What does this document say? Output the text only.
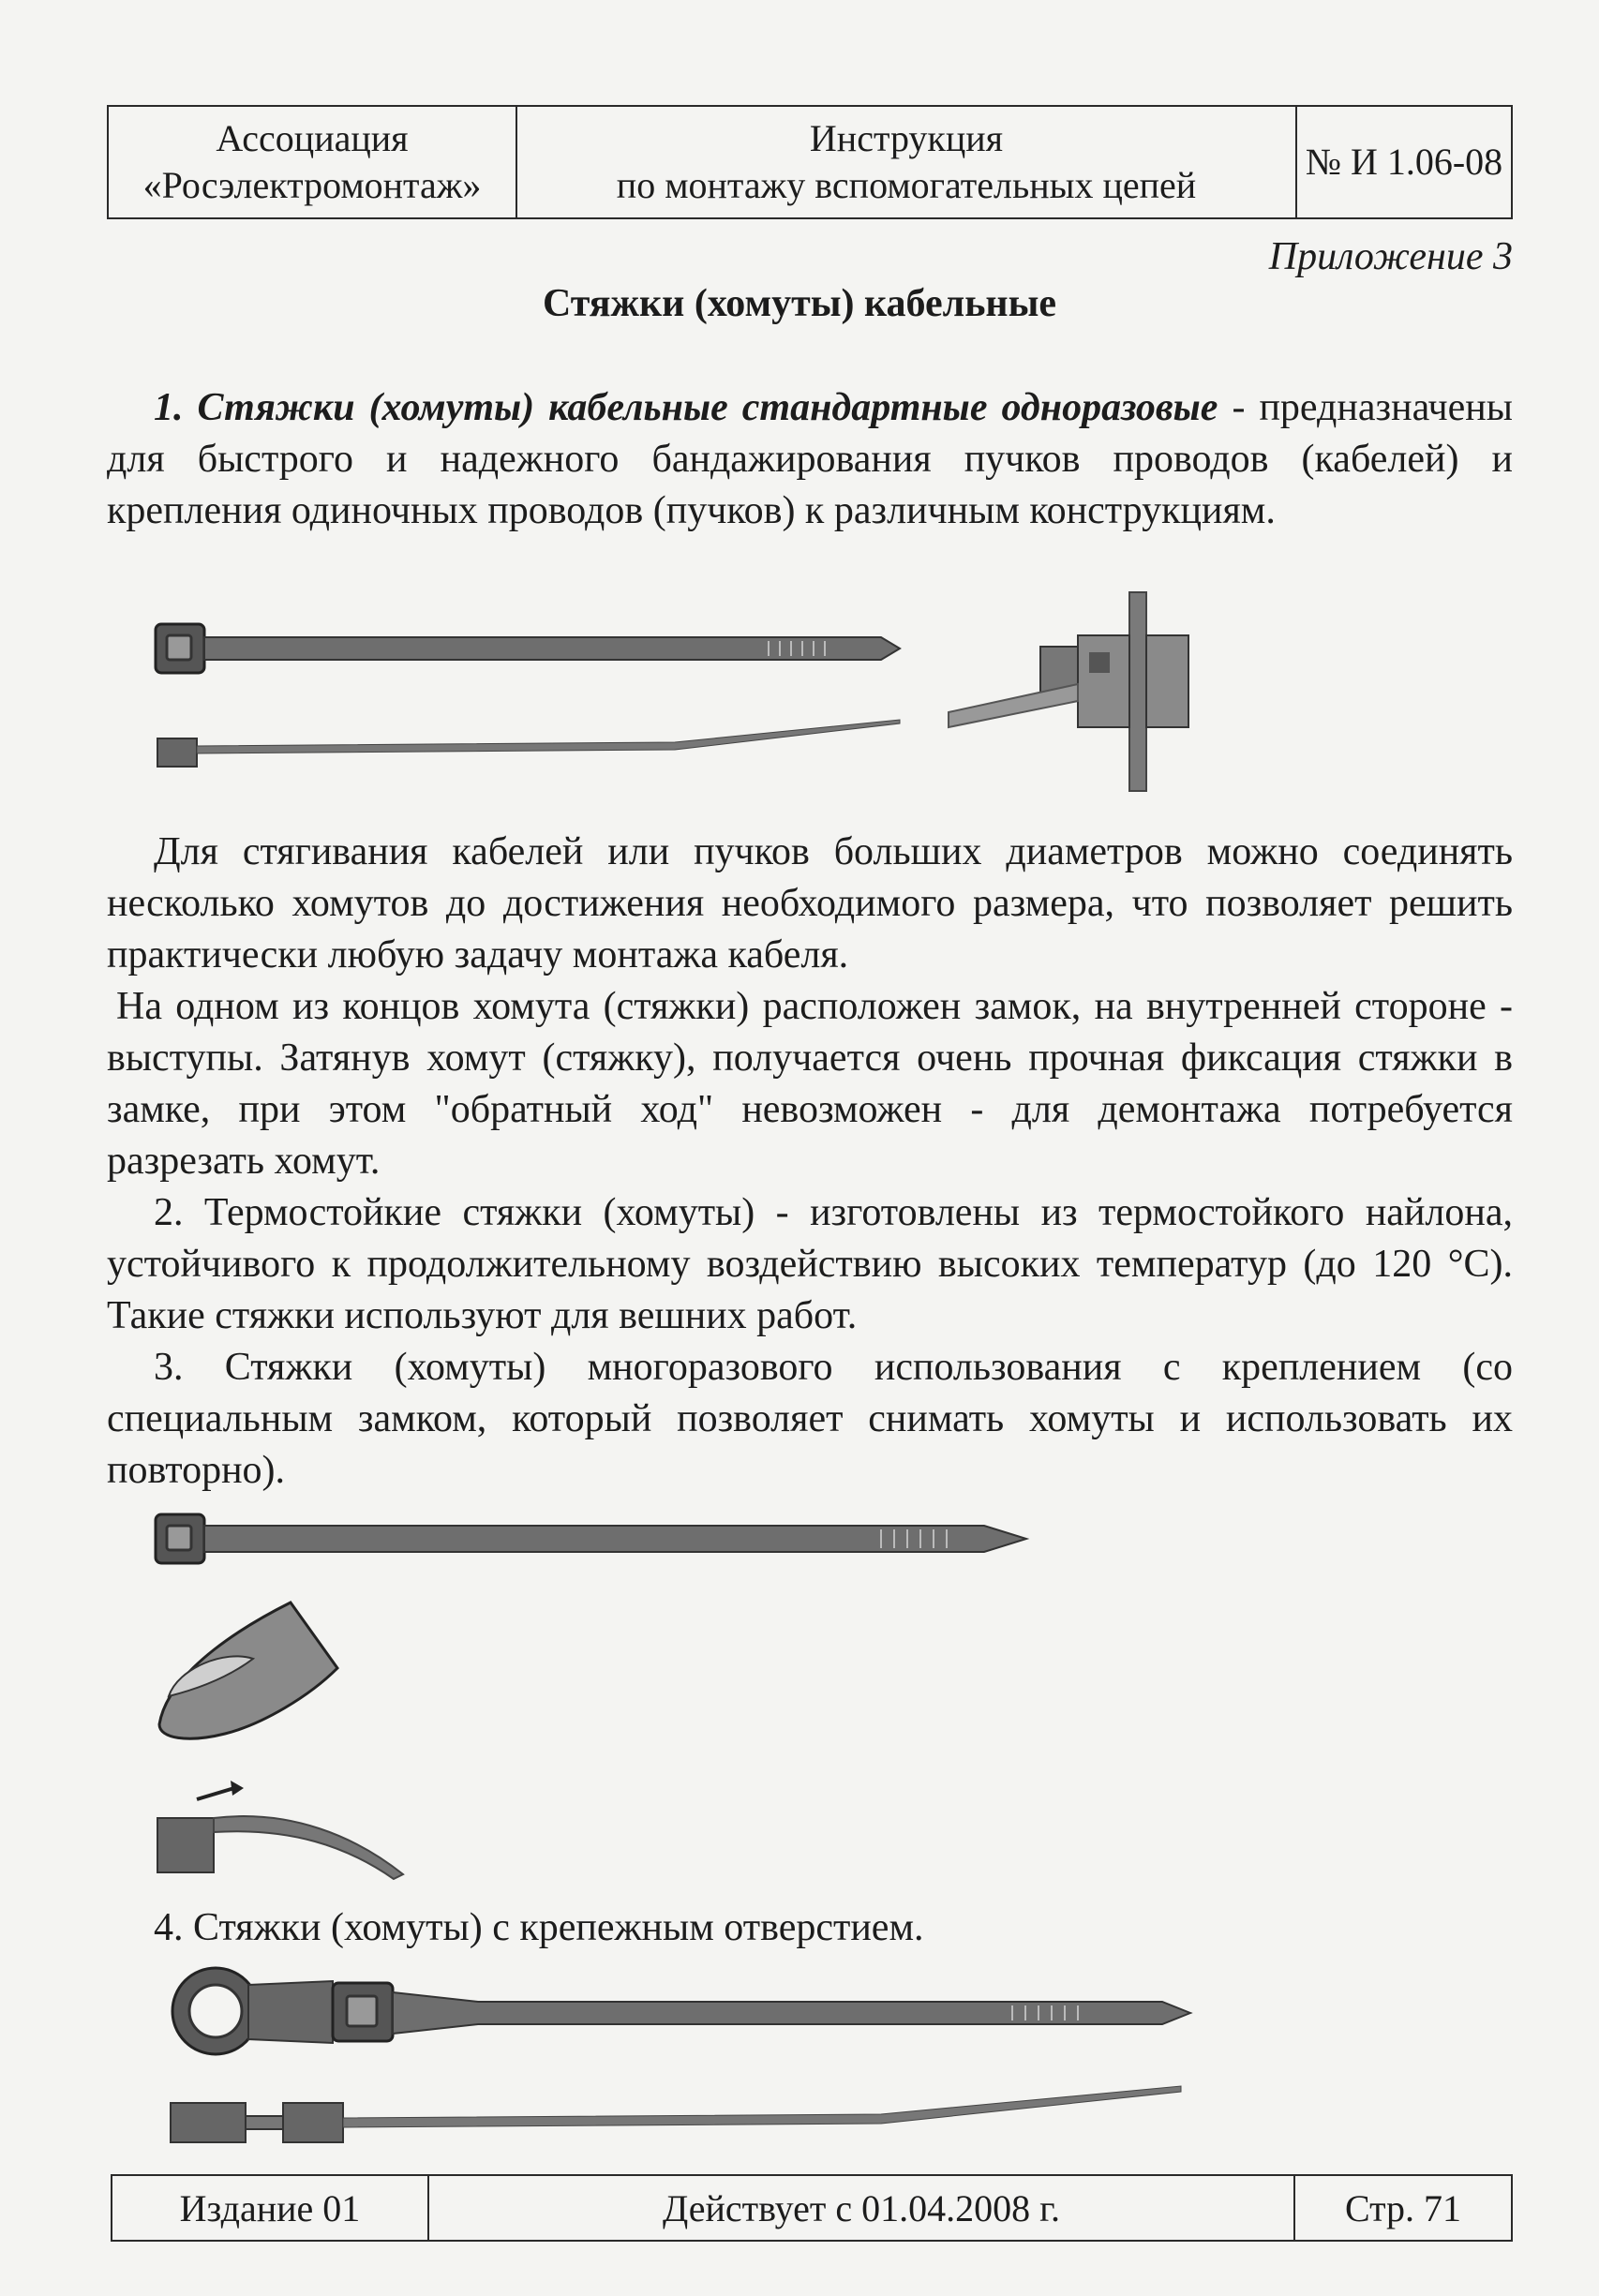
Ассоциация
«Росэлектромонтаж»

Инструкция
по монтажу вспомогательных цепей
	№ И 1.06-08
Приложение 3
Стяжки (хомуты) кабельные

1. Стяжки (хомуты) кабельные стандартные одноразовые - предназначены для быстрого и надежного бандажирования пучков проводов (кабелей) и крепления одиночных проводов (пучков) к различным конструкциям.

Для стягивания кабелей или пучков больших диаметров можно соединять несколько хомутов до достижения необходимого размера, что позволяет решить практически любую задачу монтажа кабеля.

На одном из концов хомута (стяжки) расположен замок, на внутренней стороне - выступы. Затянув хомут (стяжку), получается очень прочная фиксация стяжки в замке, при этом "обратный ход" невозможен - для демонтажа потребуется разрезать хомут.

2. Термостойкие стяжки (хомуты) - изготовлены из термостойкого найлона, устойчивого к продолжительному воздействию высоких температур (до 120 °С). Такие стяжки используют для вешних работ.

3. Стяжки (хомуты) многоразового использования с креплением (со специальным замком, который позволяет снимать хомуты и использовать их повторно).

4. Стяжки (хомуты) с крепежным отверстием.

Издание 01	Действует с 01.04.2008 г.	Стр. 71
